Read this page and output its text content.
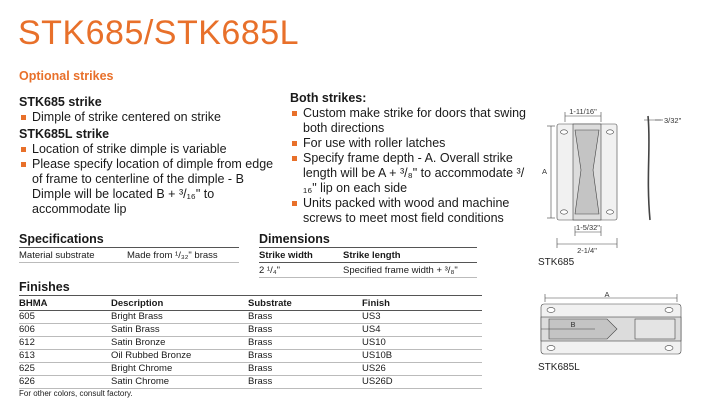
STK685/STK685L
Optional strikes
STK685 strike
Dimple of strike centered on strike
STK685L strike
Location of strike dimple is variable
Please specify location of dimple from edge of frame to centerline of the dimple - B Dimple will be located B + ³/₁₆" to accommodate lip
Both strikes:
Custom make strike for doors that swing both directions
For use with roller latches
Specify frame depth - A. Overall strike length will be A + ³/₈" to accommodate ³/₁₆" lip on each side
Units packed with wood and machine screws to meet most field conditions
Specifications
Material substrate	Made from ¹/₃₂" brass
Dimensions
Strike width	Strike length
2 ¹/₄"	Specified frame width + ³/₈"
Finishes
BHMA	Description	Substrate	Finish
605	Bright Brass	Brass	US3
606	Satin Brass	Brass	US4
612	Satin Bronze	Brass	US10
613	Oil Rubbed Bronze	Brass	US10B
625	Bright Chrome	Brass	US26
626	Satin Chrome	Brass	US26D
For other colors, consult factory.
1-11/16"
3/32"
A
1-5/32"
2-1/4"
STK685
A
B
STK685L
